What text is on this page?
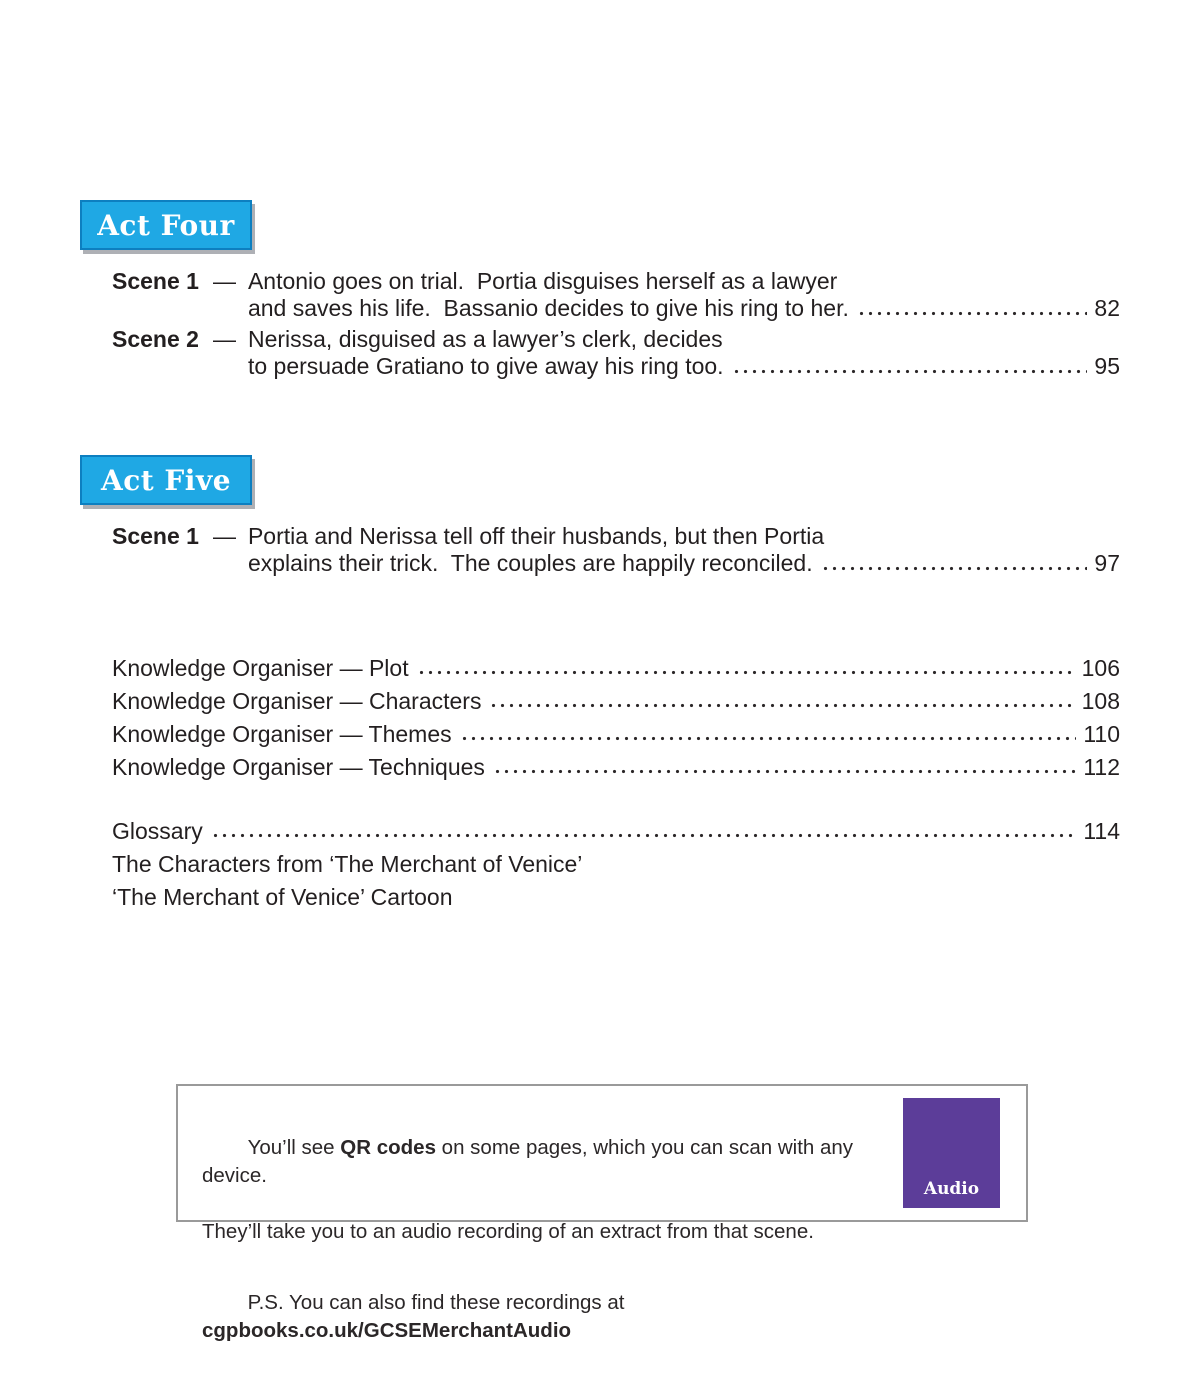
Act Four
Scene 1 — Antonio goes on trial.  Portia disguises herself as a lawyer
and saves his life.  Bassanio decides to give his ring to her.	82
Scene 2 — Nerissa, disguised as a lawyer’s clerk, decides
to persuade Gratiano to give away his ring too.	95
Act Five
Scene 1 — Portia and Nerissa tell off their husbands, but then Portia
explains their trick.  The couples are happily reconciled.	97
Knowledge Organiser — Plot	106
Knowledge Organiser — Characters	108
Knowledge Organiser — Themes	110
Knowledge Organiser — Techniques	112
Glossary	114
The Characters from ‘The Merchant of Venice’
‘The Merchant of Venice’ Cartoon

You’ll see QR codes on some pages, which you can scan with any device.

They’ll take you to an audio recording of an extract from that scene.

P.S. You can also find these recordings at cgpbooks.co.uk/GCSEMerchantAudio

Audio
